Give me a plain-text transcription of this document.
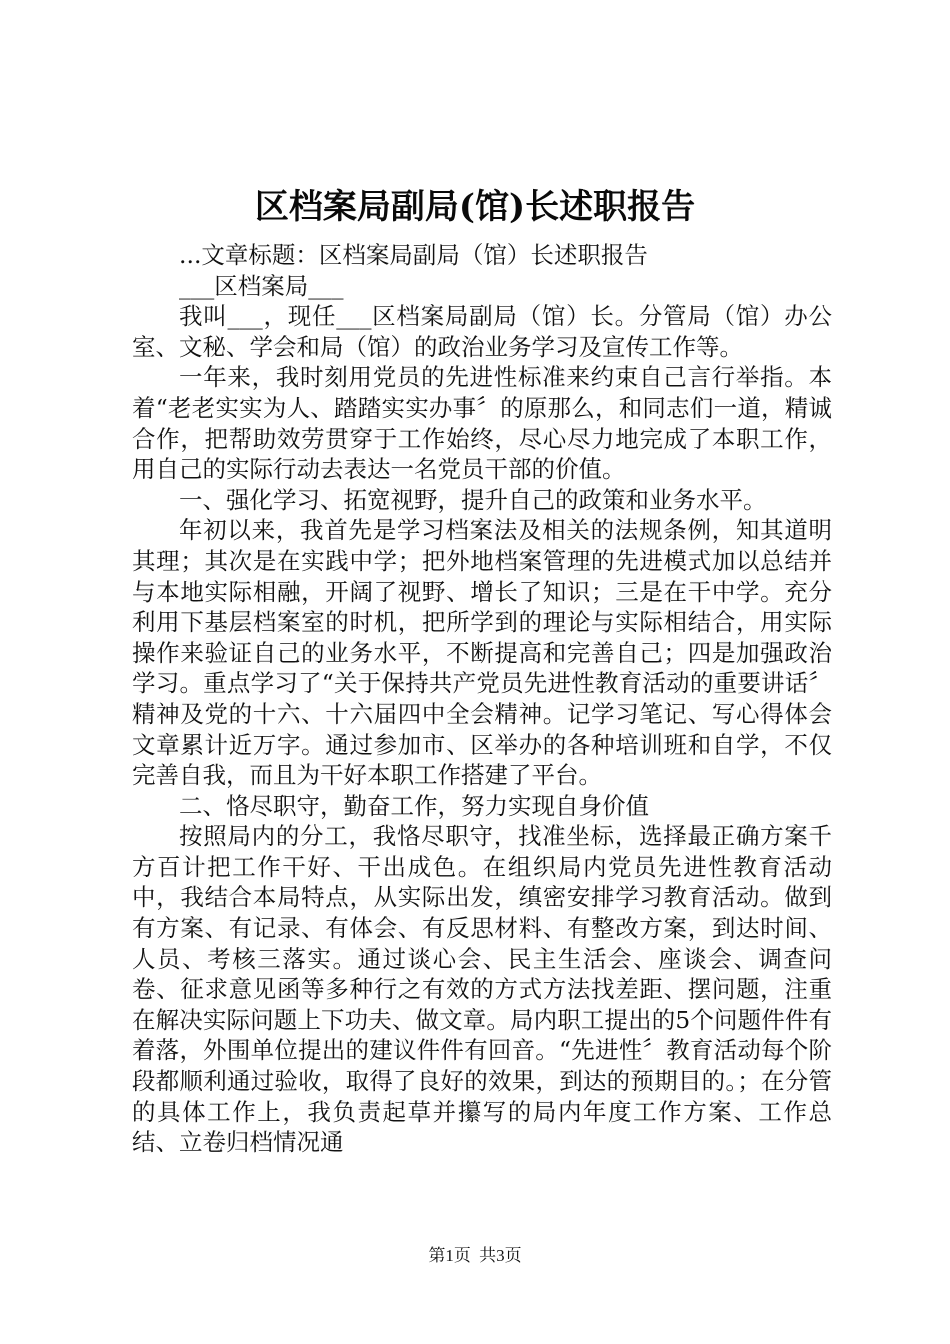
区档案局副局(馆)长述职报告

...文章标题：区档案局副局（馆）长述职报告

___区档案局___

我叫___，现任___区档案局副局（馆）长。分管局（馆）办公室、文秘、学会和局（馆）的政治业务学习及宣传工作等。

一年来，我时刻用党员的先进性标准来约束自己言行举指。本着“老老实实为人、踏踏实实办事〞的原那么，和同志们一道，精诚合作，把帮助效劳贯穿于工作始终，尽心尽力地完成了本职工作，用自己的实际行动去表达一名党员干部的价值。

一、强化学习、拓宽视野，提升自己的政策和业务水平。

年初以来，我首先是学习档案法及相关的法规条例，知其道明其理；其次是在实践中学；把外地档案管理的先进模式加以总结并与本地实际相融，开阔了视野、增长了知识；三是在干中学。充分利用下基层档案室的时机，把所学到的理论与实际相结合，用实际操作来验证自己的业务水平，不断提高和完善自己；四是加强政治学习。重点学习了“关于保持共产党员先进性教育活动的重要讲话〞精神及党的十六、十六届四中全会精神。记学习笔记、写心得体会文章累计近万字。通过参加市、区举办的各种培训班和自学，不仅完善自我，而且为干好本职工作搭建了平台。

二、恪尽职守，勤奋工作，努力实现自身价值

按照局内的分工，我恪尽职守，找准坐标，选择最正确方案千方百计把工作干好、干出成色。在组织局内党员先进性教育活动中，我结合本局特点，从实际出发，缜密安排学习教育活动。做到有方案、有记录、有体会、有反思材料、有整改方案，到达时间、人员、考核三落实。通过谈心会、民主生活会、座谈会、调查问卷、征求意见函等多种行之有效的方式方法找差距、摆问题，注重在解决实际问题上下功夫、做文章。局内职工提出的5个问题件件有着落，外围单位提出的建议件件有回音。“先进性〞教育活动每个阶段都顺利通过验收，取得了良好的效果，到达的预期目的。；在分管的具体工作上，我负责起草并攥写的局内年度工作方案、工作总结、立卷归档情况通

第1页 共3页
